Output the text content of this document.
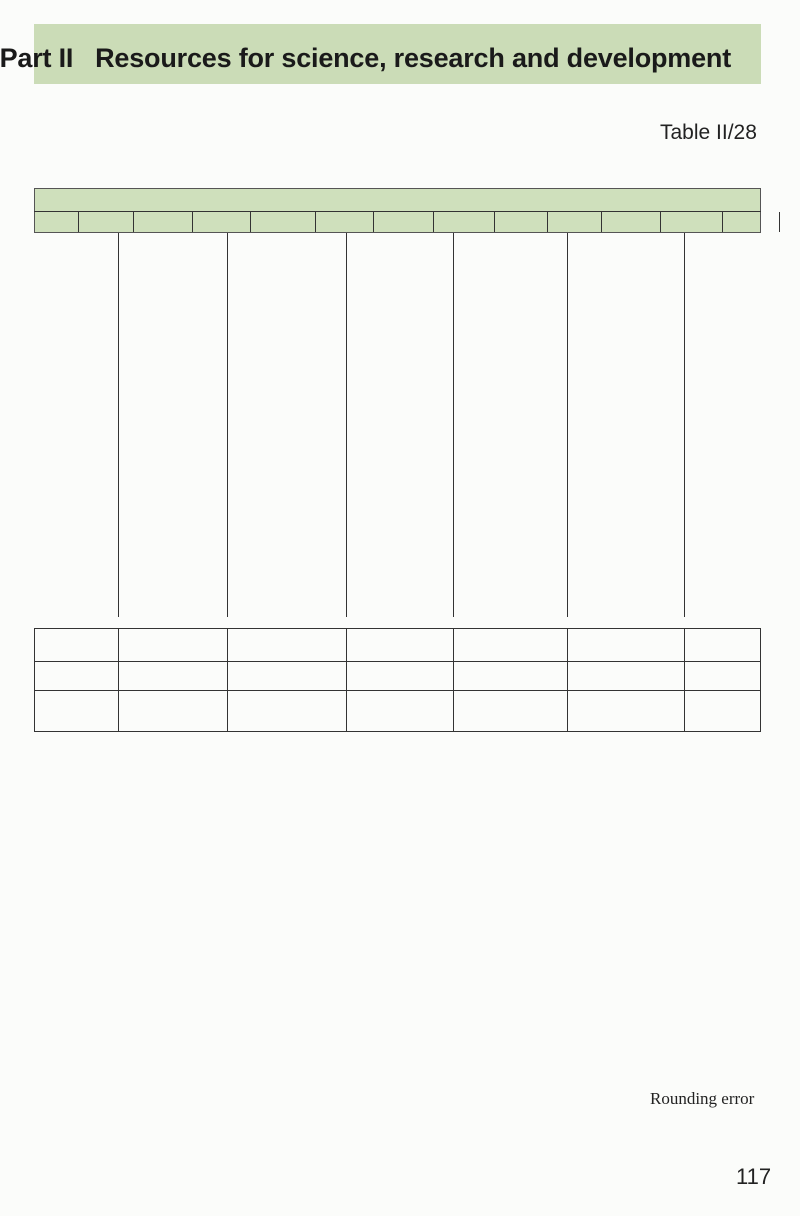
Part II Resources for science, research and development
Table II/28
Rounding error
117
